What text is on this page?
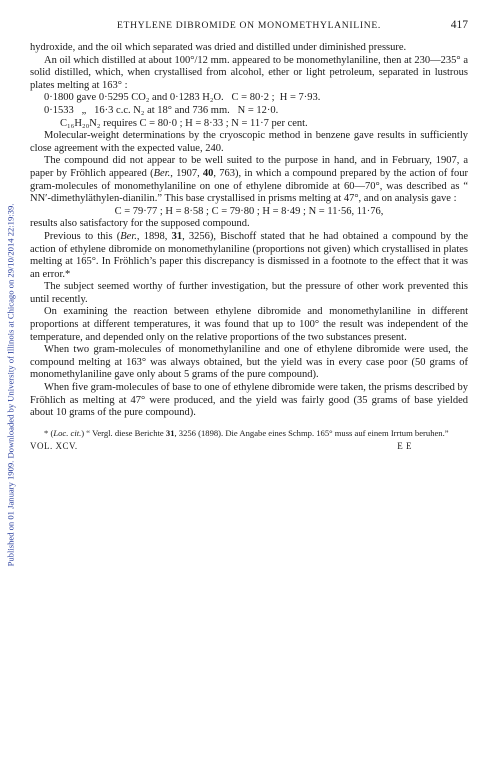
Published on 01 January 1909. Downloaded by University of Illinois at Chicago on 29/10/2014 22:19:39.
ETHYLENE DIBROMIDE ON MONOMETHYLANILINE.	417

hydroxide, and the oil which separated was dried and distilled under diminished pressure.

An oil which distilled at about 100°/12 mm. appeared to be monomethylaniline, then at 230—235° a solid distilled, which, when crystallised from alcohol, ether or light petroleum, separated in lustrous plates melting at 163° :

0·1800 gave 0·5295 CO₂ and 0·1283 H₂O.   C = 80·2 ;  H = 7·93.

0·1533   „   16·3 c.c. N₂ at 18° and 736 mm.   N = 12·0.

C₁₆H₂₀N₂ requires C = 80·0 ; H = 8·33 ; N = 11·7 per cent.

Molecular-weight determinations by the cryoscopic method in benzene gave results in sufficiently close agreement with the expected value, 240.

The compound did not appear to be well suited to the purpose in hand, and in February, 1907, a paper by Fröhlich appeared (Ber., 1907, 40, 763), in which a compound prepared by the action of four gram-molecules of monomethylaniline on one of ethylene dibromide at 60—70°, was described as “ NN′-dimethyläthylen-dianilin.” This base crystallised in prisms melting at 47°, and on analysis gave :

C = 79·77 ; H = 8·58 ; C = 79·80 ; H = 8·49 ; N = 11·56, 11·76,

results also satisfactory for the supposed compound.

Previous to this (Ber., 1898, 31, 3256), Bischoff stated that he had obtained a compound by the action of ethylene dibromide on monomethylaniline (proportions not given) which crystallised in plates melting at 165°. In Fröhlich’s paper this discrepancy is dismissed in a footnote to the effect that it was an error.*

The subject seemed worthy of further investigation, but the pressure of other work prevented this until recently.

On examining the reaction between ethylene dibromide and monomethylaniline in different proportions at different temperatures, it was found that up to 100° the result was independent of the temperature, and depended only on the relative proportions of the two substances present.

When two gram-molecules of monomethylaniline and one of ethylene dibromide were used, the compound melting at 163° was always obtained, but the yield was in every case poor (50 grams of monomethylaniline gave only about 5 grams of the pure compound).

When five gram-molecules of base to one of ethylene dibromide were taken, the prisms described by Fröhlich as melting at 47° were produced, and the yield was fairly good (35 grams of base yielded about 10 grams of the pure compound).

* (Loc. cit.) “ Vergl. diese Berichte 31, 3256 (1898). Die Angabe eines Schmp. 165° muss auf einem Irrtum beruhen.”

VOL. XCV.	E E
